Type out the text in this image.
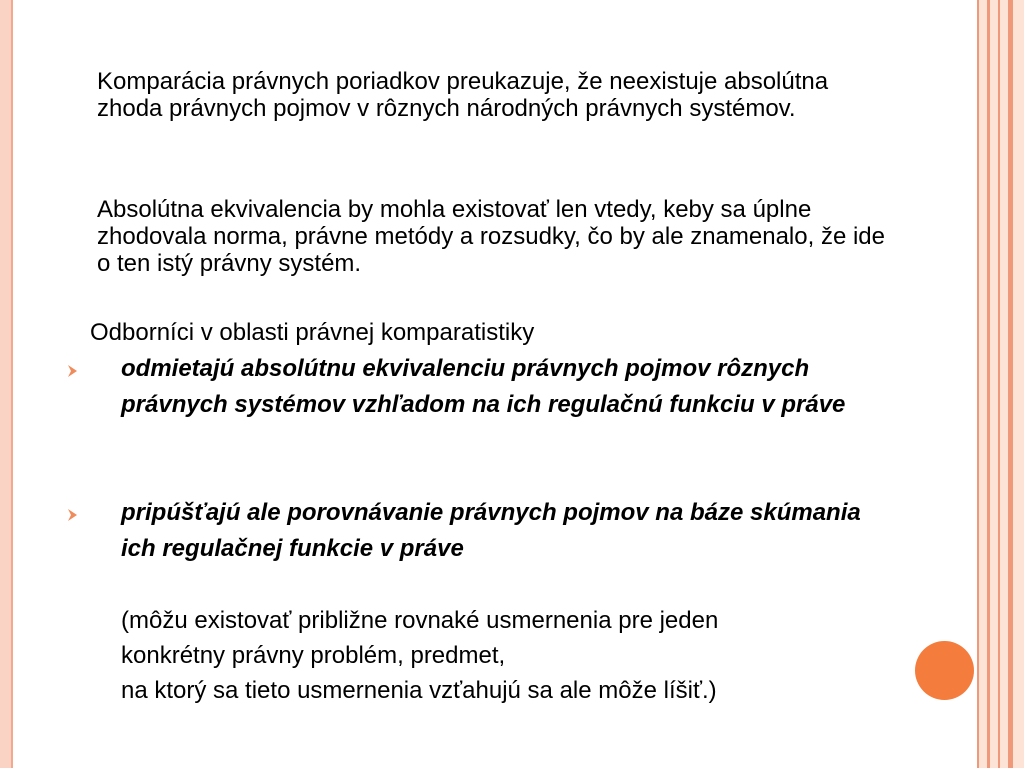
Komparácia právnych poriadkov preukazuje, že neexistuje absolútna zhoda právnych pojmov v rôznych národných právnych systémov.
Absolútna ekvivalencia by mohla existovať len vtedy, keby sa úplne zhodovala norma, právne metódy a rozsudky, čo by ale znamenalo, že ide o ten istý právny systém.
Odborníci v oblasti právnej komparatistiky
odmietajú absolútnu ekvivalenciu právnych pojmov rôznych právnych systémov vzhľadom na ich regulačnú funkciu v práve
pripúšťajú ale porovnávanie právnych pojmov na báze skúmania ich regulačnej funkcie v práve
(môžu existovať približne rovnaké usmernenia pre jeden
konkrétny právny problém, predmet,
na ktorý sa tieto usmernenia vzťahujú sa ale môže líšiť.)
